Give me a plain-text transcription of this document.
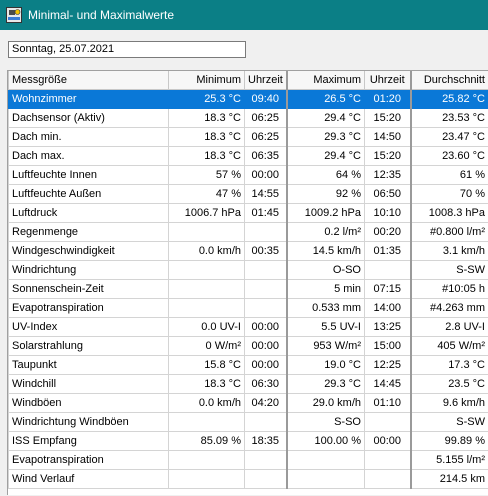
Minimal- und Maximalwerte
Sonntag, 25.07.2021
Messgröße	Minimum	Uhrzeit	Maximum	Uhrzeit	Durchschnitt
Wohnzimmer	25.3 °C	09:40	26.5 °C	01:20	25.82 °C
Dachsensor (Aktiv)	18.3 °C	06:25	29.4 °C	15:20	23.53 °C
Dach min.	18.3 °C	06:25	29.3 °C	14:50	23.47 °C
Dach max.	18.3 °C	06:35	29.4 °C	15:20	23.60 °C
Luftfeuchte Innen	57 %	00:00	64 %	12:35	61 %
Luftfeuchte Außen	47 %	14:55	92 %	06:50	70 %
Luftdruck	1006.7 hPa	01:45	1009.2 hPa	10:10	1008.3 hPa
Regenmenge			0.2 l/m²	00:20	#0.800 l/m²
Windgeschwindigkeit	0.0 km/h	00:35	14.5 km/h	01:35	3.1 km/h
Windrichtung			O-SO		S-SW
Sonnenschein-Zeit			5 min	07:15	#10:05 h
Evapotranspiration			0.533 mm	14:00	#4.263 mm
UV-Index	0.0 UV-I	00:00	5.5 UV-I	13:25	2.8 UV-I
Solarstrahlung	0 W/m²	00:00	953 W/m²	15:00	405 W/m²
Taupunkt	15.8 °C	00:00	19.0 °C	12:25	17.3 °C
Windchill	18.3 °C	06:30	29.3 °C	14:45	23.5 °C
Windböen	0.0 km/h	04:20	29.0 km/h	01:10	9.6 km/h
Windrichtung Windböen			S-SO		S-SW
ISS Empfang	85.09 %	18:35	100.00 %	00:00	99.89 %
Evapotranspiration					5.155 l/m²
Wind Verlauf					214.5 km
